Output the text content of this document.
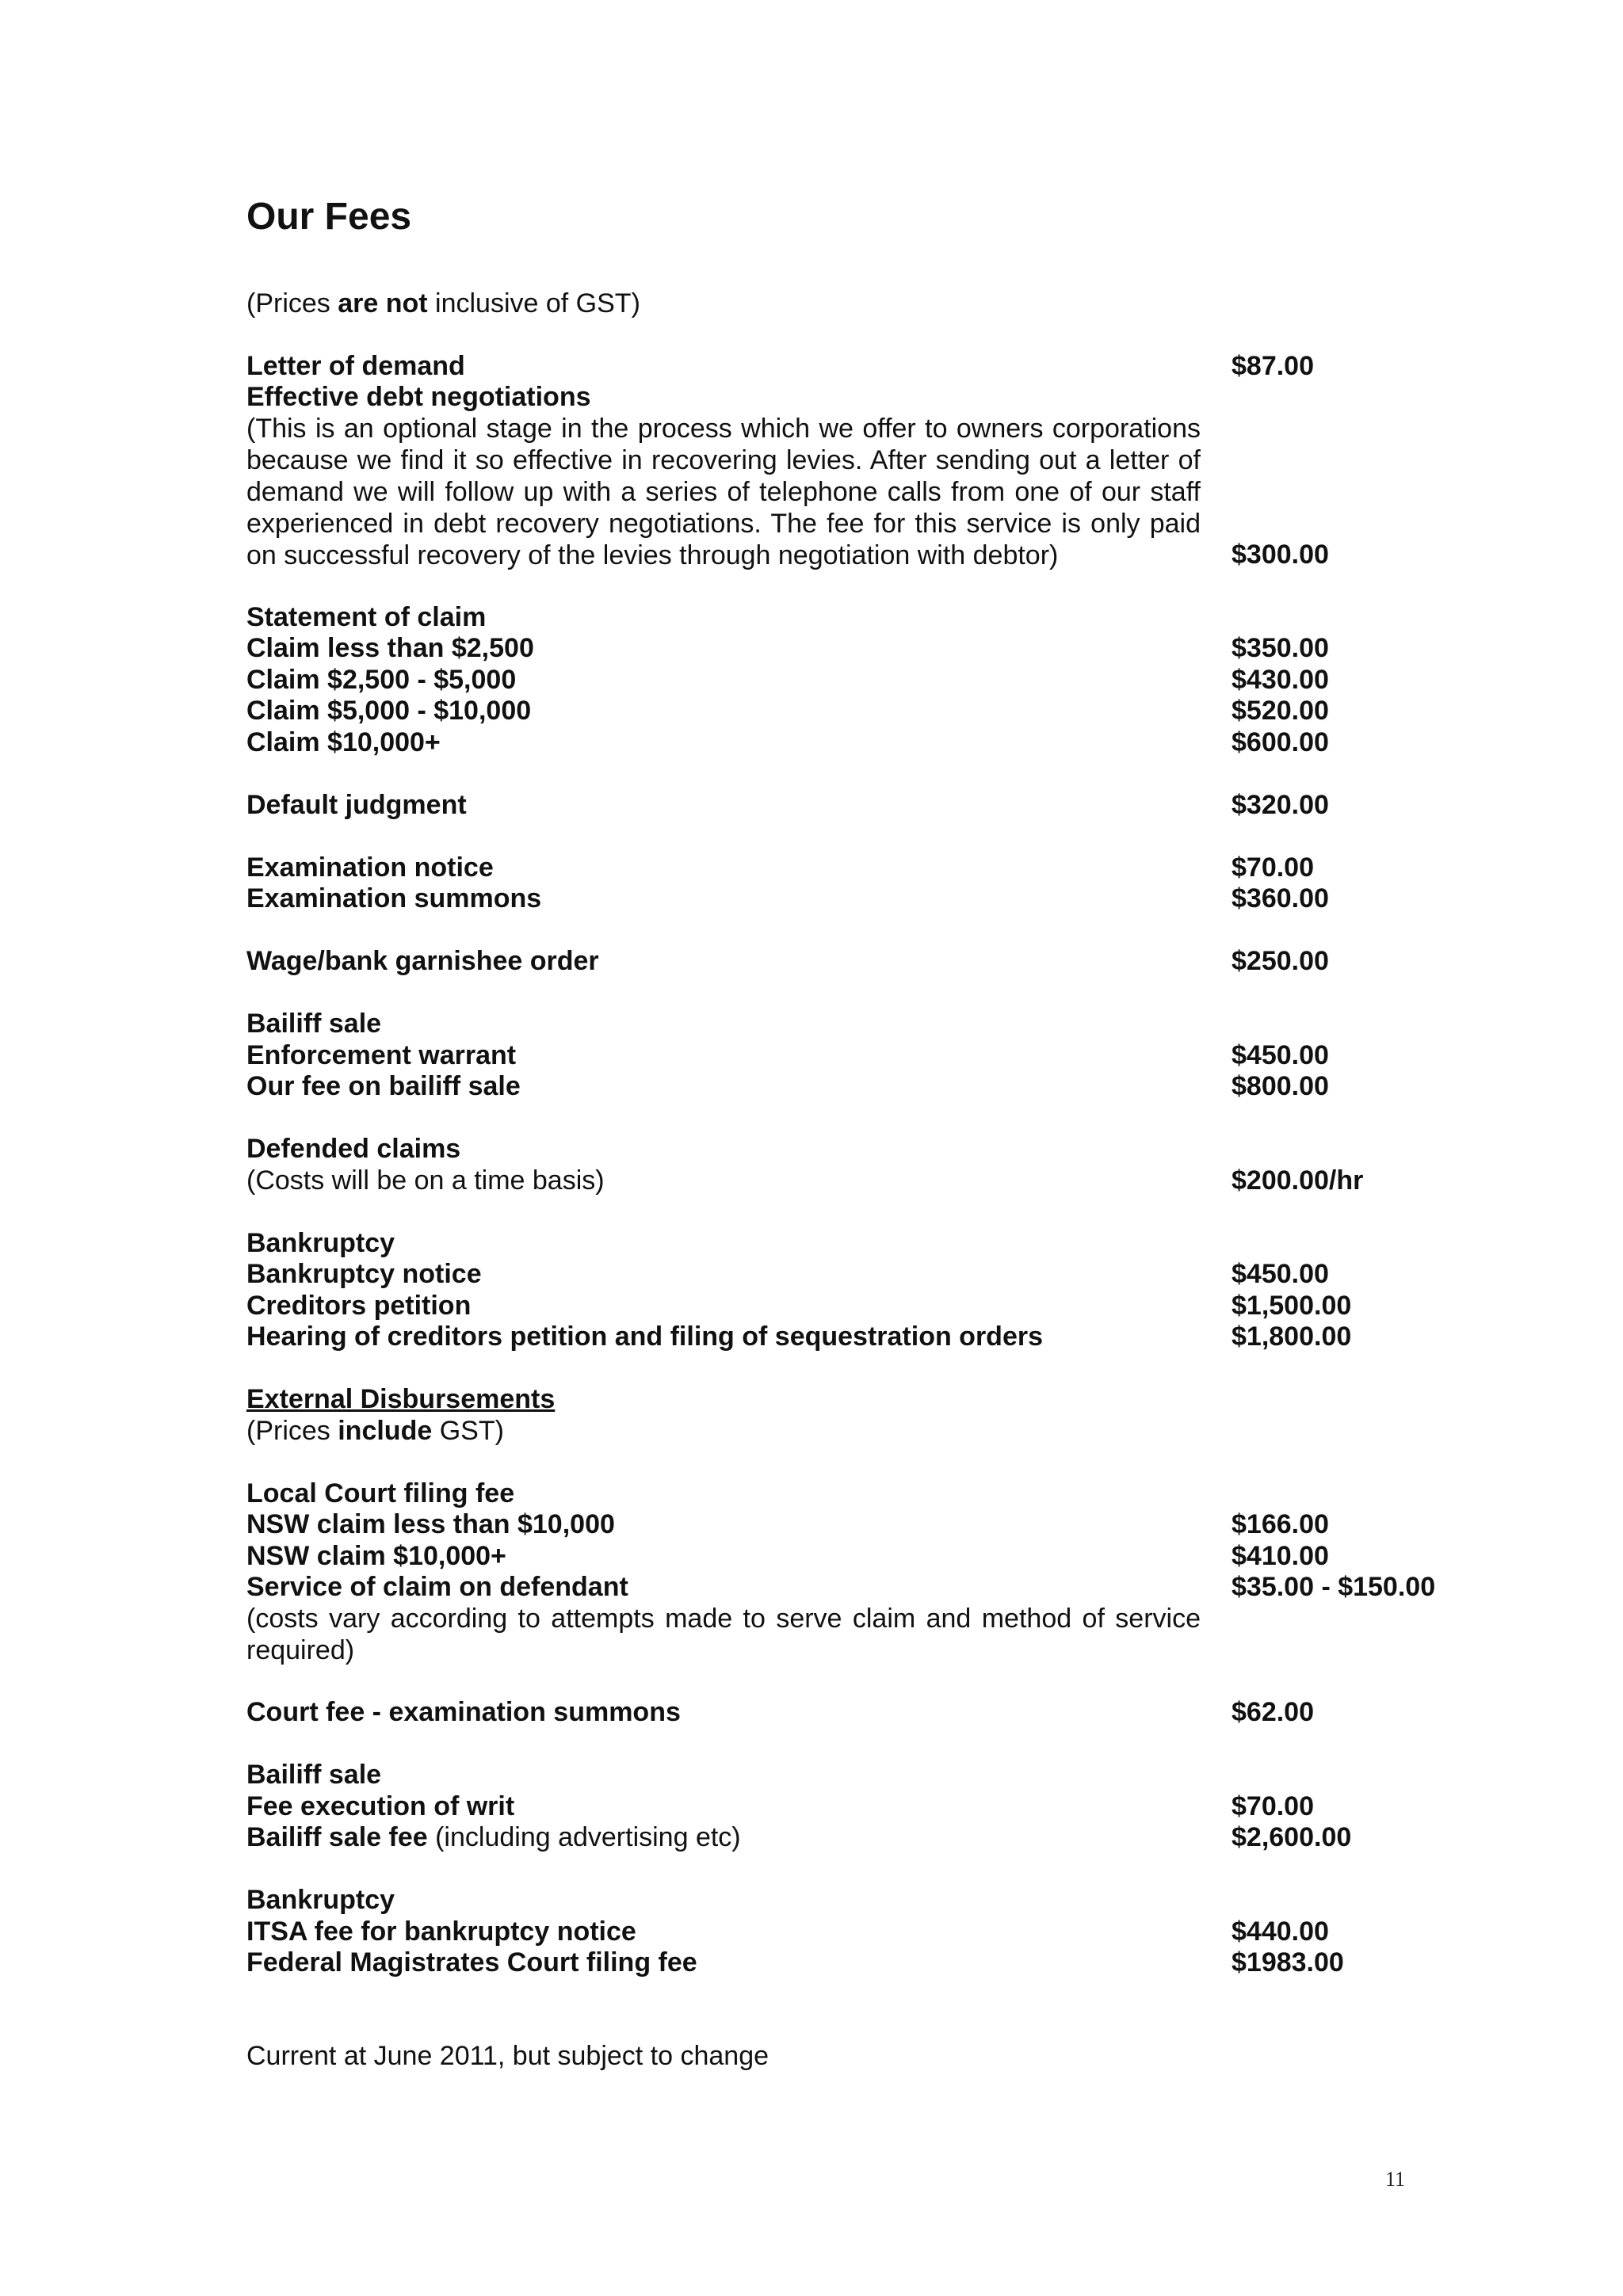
Our Fees
(Prices are not inclusive of GST)
Letter of demand	$87.00
Effective debt negotiations
(This is an optional stage in the process which we offer to owners corporations because we find it so effective in recovering levies. After sending out a letter of demand we will follow up with a series of telephone calls from one of our staff experienced in debt recovery negotiations. The fee for this service is only paid on successful recovery of the levies through negotiation with debtor)	$300.00
Statement of claim
Claim less than $2,500	$350.00
Claim $2,500 - $5,000	$430.00
Claim $5,000 - $10,000	$520.00
Claim $10,000+	$600.00
Default judgment	$320.00
Examination notice	$70.00
Examination summons	$360.00
Wage/bank garnishee order	$250.00
Bailiff sale
Enforcement warrant	$450.00
Our fee on bailiff sale	$800.00
Defended claims
(Costs will be on a time basis)	$200.00/hr
Bankruptcy
Bankruptcy notice	$450.00
Creditors petition	$1,500.00
Hearing of creditors petition and filing of sequestration orders	$1,800.00
External Disbursements
(Prices include GST)
Local Court filing fee
NSW claim less than $10,000	$166.00
NSW claim $10,000+	$410.00
Service of claim on defendant	$35.00 - $150.00
(costs vary according to attempts made to serve claim and method of service required)
Court fee - examination summons	$62.00
Bailiff sale
Fee execution of writ	$70.00
Bailiff sale fee (including advertising etc)	$2,600.00
Bankruptcy
ITSA fee for bankruptcy notice	$440.00
Federal Magistrates Court filing fee	$1983.00
Current at June 2011, but subject to change
11
